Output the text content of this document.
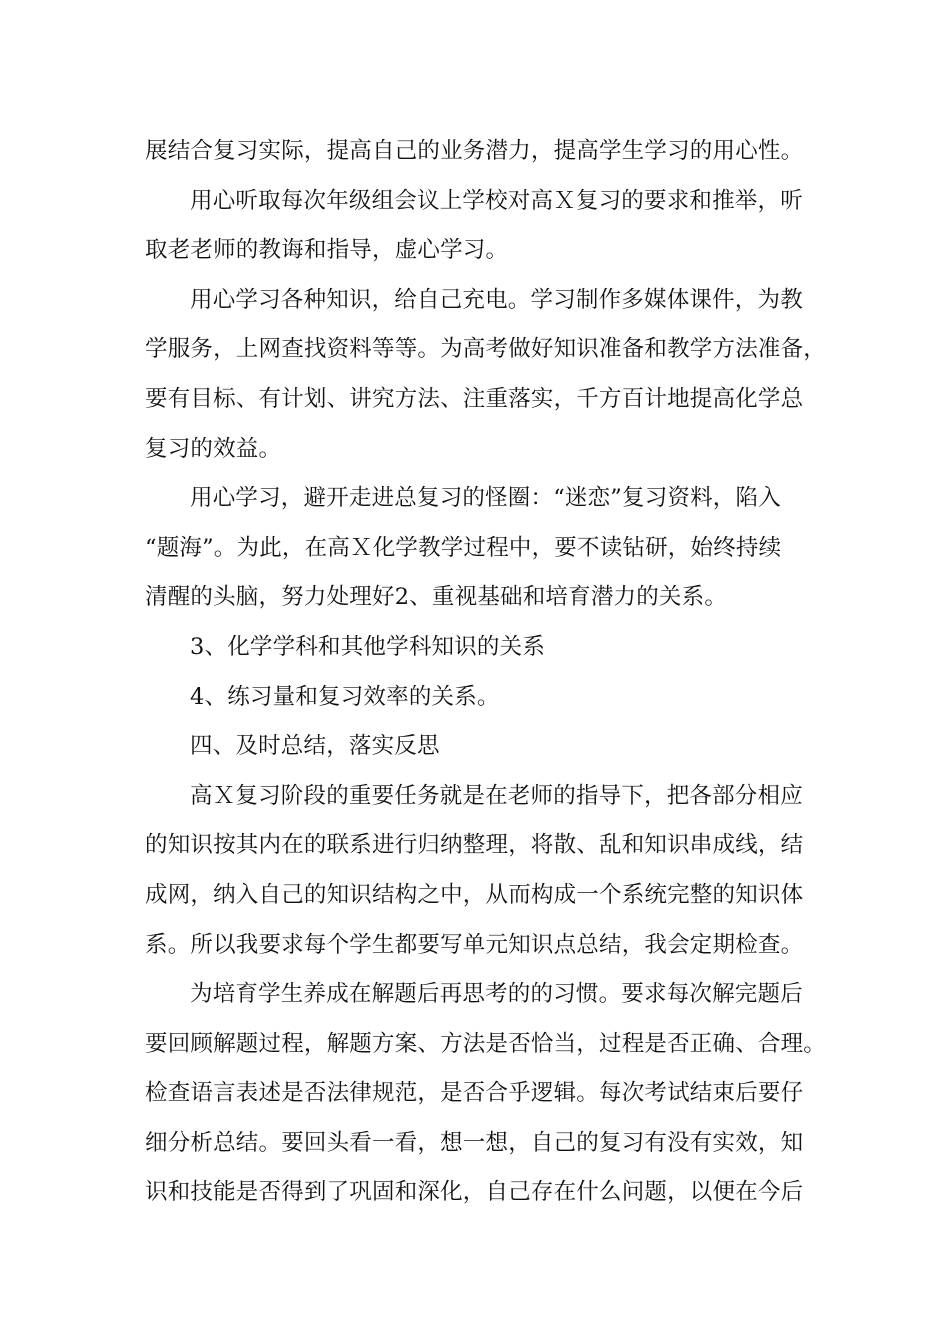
展结合复习实际，提高自己的业务潜力，提高学生学习的用心性。
用心听取每次年级组会议上学校对高Ｘ复习的要求和推举，听
取老老师的教诲和指导，虚心学习。
用心学习各种知识，给自己充电。学习制作多媒体课件，为教
学服务，上网查找资料等等。为高考做好知识准备和教学方法准备，
要有目标、有计划、讲究方法、注重落实，千方百计地提高化学总
复习的效益。
用心学习，避开走进总复习的怪圈：“迷恋”复习资料，陷入
“题海”。为此，在高Ｘ化学教学过程中，要不读钻研，始终持续
清醒的头脑，努力处理好2、重视基础和培育潜力的关系。
3、化学学科和其他学科知识的关系
4、练习量和复习效率的关系。
四、及时总结，落实反思
高Ｘ复习阶段的重要任务就是在老师的指导下，把各部分相应
的知识按其内在的联系进行归纳整理，将散、乱和知识串成线，结
成网，纳入自己的知识结构之中，从而构成一个系统完整的知识体
系。所以我要求每个学生都要写单元知识点总结，我会定期检查。
为培育学生养成在解题后再思考的的习惯。要求每次解完题后
要回顾解题过程，解题方案、方法是否恰当，过程是否正确、合理。
检查语言表述是否法律规范，是否合乎逻辑。每次考试结束后要仔
细分析总结。要回头看一看，想一想，自己的复习有没有实效，知
识和技能是否得到了巩固和深化，自己存在什么问题，以便在今后
